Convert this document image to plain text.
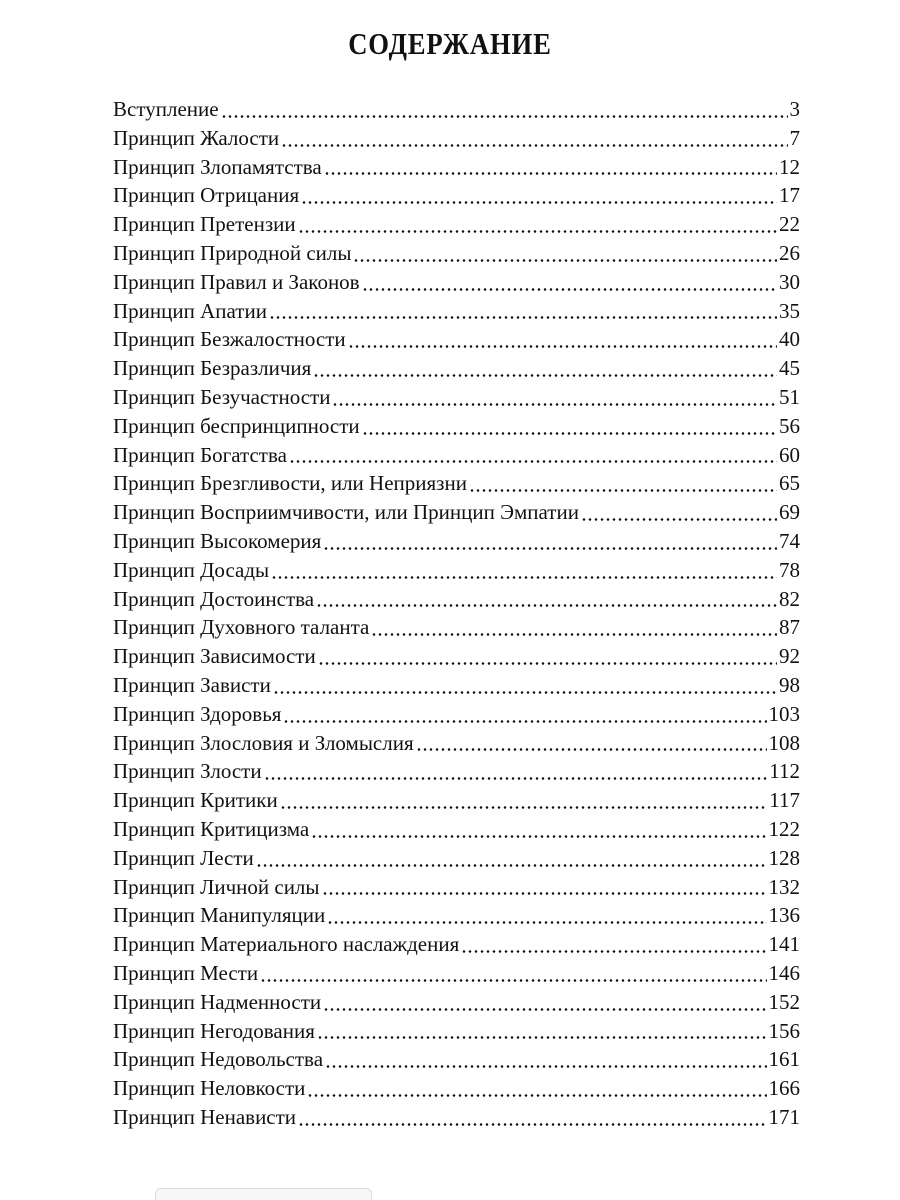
СОДЕРЖАНИЕ
Вступление	3
Принцип Жалости	7
Принцип Злопамятства	12
Принцип Отрицания	17
Принцип Претензии	22
Принцип Природной силы	26
Принцип Правил и Законов	30
Принцип Апатии	35
Принцип Безжалостности	40
Принцип Безразличия	45
Принцип Безучастности	51
Принцип беспринципности	56
Принцип Богатства	60
Принцип Брезгливости, или Неприязни	65
Принцип Восприимчивости, или Принцип Эмпатии	69
Принцип Высокомерия	74
Принцип Досады	78
Принцип Достоинства	82
Принцип Духовного таланта	87
Принцип Зависимости	92
Принцип Зависти	98
Принцип Здоровья	103
Принцип Злословия и Зломыслия	108
Принцип Злости	112
Принцип Критики	117
Принцип Критицизма	122
Принцип Лести	128
Принцип Личной силы	132
Принцип Манипуляции	136
Принцип Материального наслаждения	141
Принцип Мести	146
Принцип Надменности	152
Принцип Негодования	156
Принцип Недовольства	161
Принцип Неловкости	166
Принцип Ненависти	171
